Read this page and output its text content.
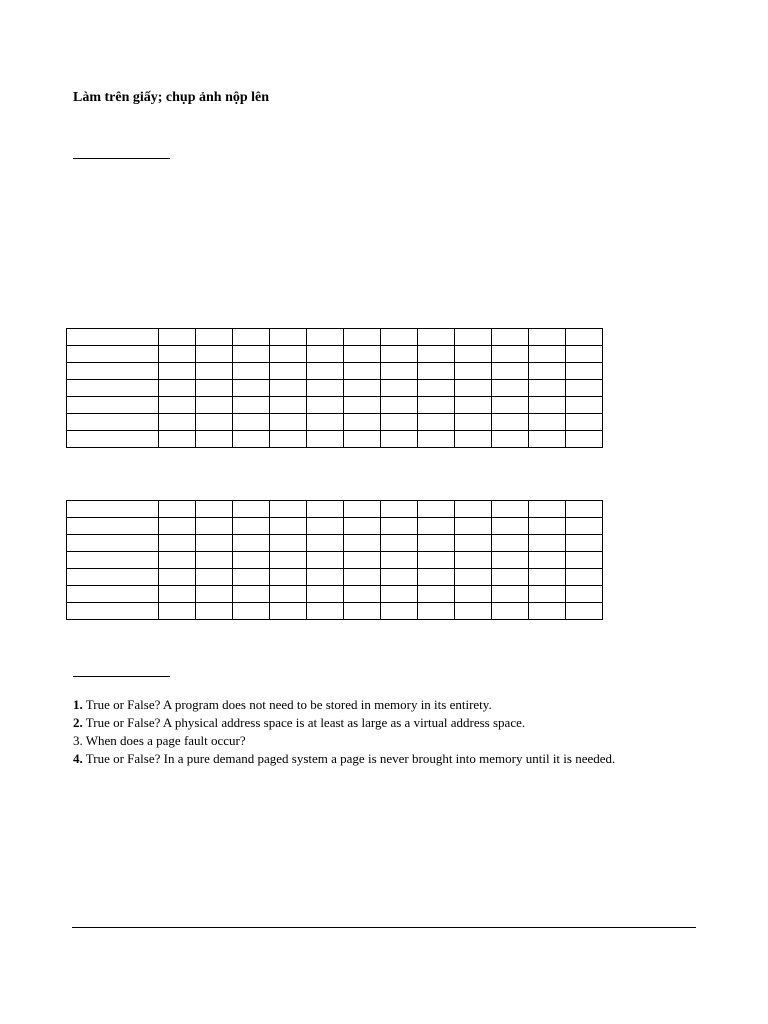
Làm trên giấy; chụp ảnh nộp lên

1. True or False? A program does not need to be stored in memory in its entirety.

2. True or False? A physical address space is at least as large as a virtual address space.

3. When does a page fault occur?

4. True or False? In a pure demand paged system a page is never brought into memory until it is needed.
